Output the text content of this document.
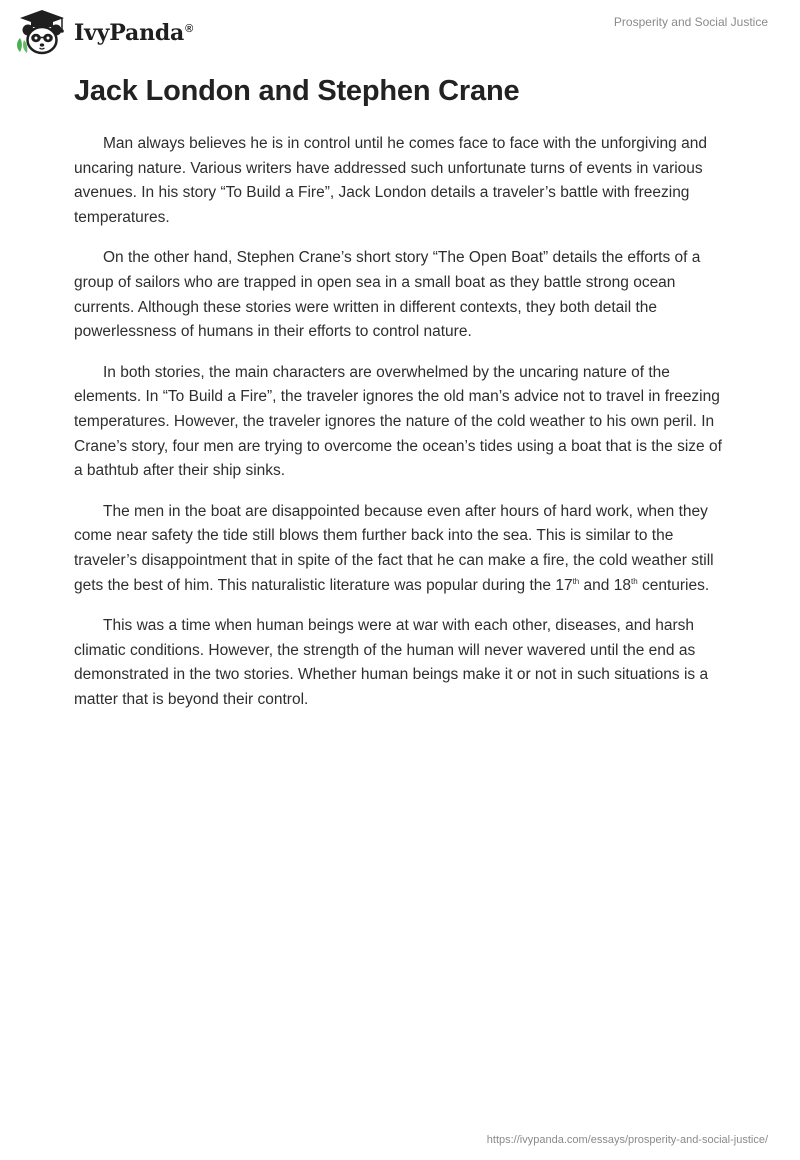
IvyPanda®	Prosperity and Social Justice
Jack London and Stephen Crane

Man always believes he is in control until he comes face to face with the unforgiving and uncaring nature. Various writers have addressed such unfortunate turns of events in various avenues. In his story “To Build a Fire”, Jack London details a traveler’s battle with freezing temperatures.

On the other hand, Stephen Crane’s short story “The Open Boat” details the efforts of a group of sailors who are trapped in open sea in a small boat as they battle strong ocean currents. Although these stories were written in different contexts, they both detail the powerlessness of humans in their efforts to control nature.

In both stories, the main characters are overwhelmed by the uncaring nature of the elements. In “To Build a Fire”, the traveler ignores the old man’s advice not to travel in freezing temperatures. However, the traveler ignores the nature of the cold weather to his own peril. In Crane’s story, four men are trying to overcome the ocean’s tides using a boat that is the size of a bathtub after their ship sinks.

The men in the boat are disappointed because even after hours of hard work, when they come near safety the tide still blows them further back into the sea. This is similar to the traveler’s disappointment that in spite of the fact that he can make a fire, the cold weather still gets the best of him. This naturalistic literature was popular during the 17th and 18th centuries.

This was a time when human beings were at war with each other, diseases, and harsh climatic conditions. However, the strength of the human will never wavered until the end as demonstrated in the two stories. Whether human beings make it or not in such situations is a matter that is beyond their control.

https://ivypanda.com/essays/prosperity-and-social-justice/
